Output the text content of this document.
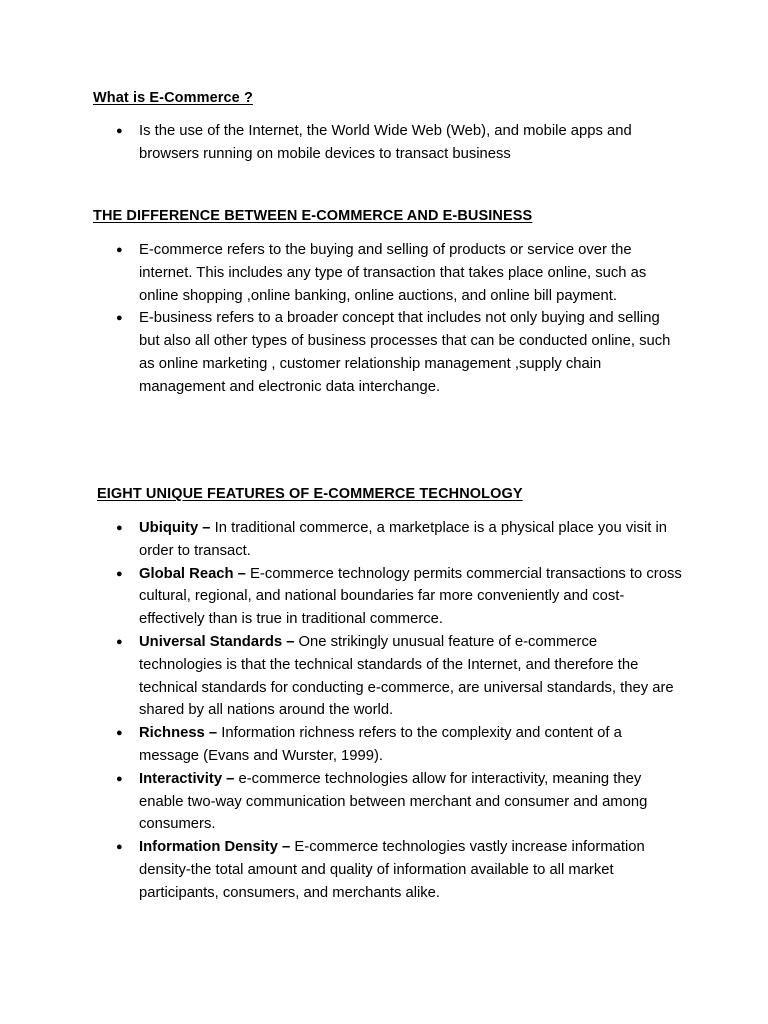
What is E-Commerce ?
● Is the use of the Internet, the World Wide Web (Web), and mobile apps and browsers running on mobile devices to transact business
THE DIFFERENCE BETWEEN E-COMMERCE AND E-BUSINESS
● E-commerce refers to the buying and selling of products or service over the internet. This includes any type of transaction that takes place online, such as online shopping ,online banking, online auctions, and online bill payment.
● E-business refers to a broader concept that includes not only buying and selling but also all other types of business processes that can be conducted online, such as online marketing , customer relationship management ,supply chain management and electronic data interchange.
EIGHT UNIQUE FEATURES OF E-COMMERCE TECHNOLOGY
● Ubiquity – In traditional commerce, a marketplace is a physical place you visit in order to transact.
● Global Reach – E-commerce technology permits commercial transactions to cross cultural, regional, and national boundaries far more conveniently and cost-effectively than is true in traditional commerce.
● Universal Standards – One strikingly unusual feature of e-commerce technologies is that the technical standards of the Internet, and therefore the technical standards for conducting e-commerce, are universal standards, they are shared by all nations around the world.
● Richness – Information richness refers to the complexity and content of a message (Evans and Wurster, 1999).
● Interactivity – e-commerce technologies allow for interactivity, meaning they enable two-way communication between merchant and consumer and among consumers.
● Information Density – E-commerce technologies vastly increase information density-the total amount and quality of information available to all market participants, consumers, and merchants alike.
